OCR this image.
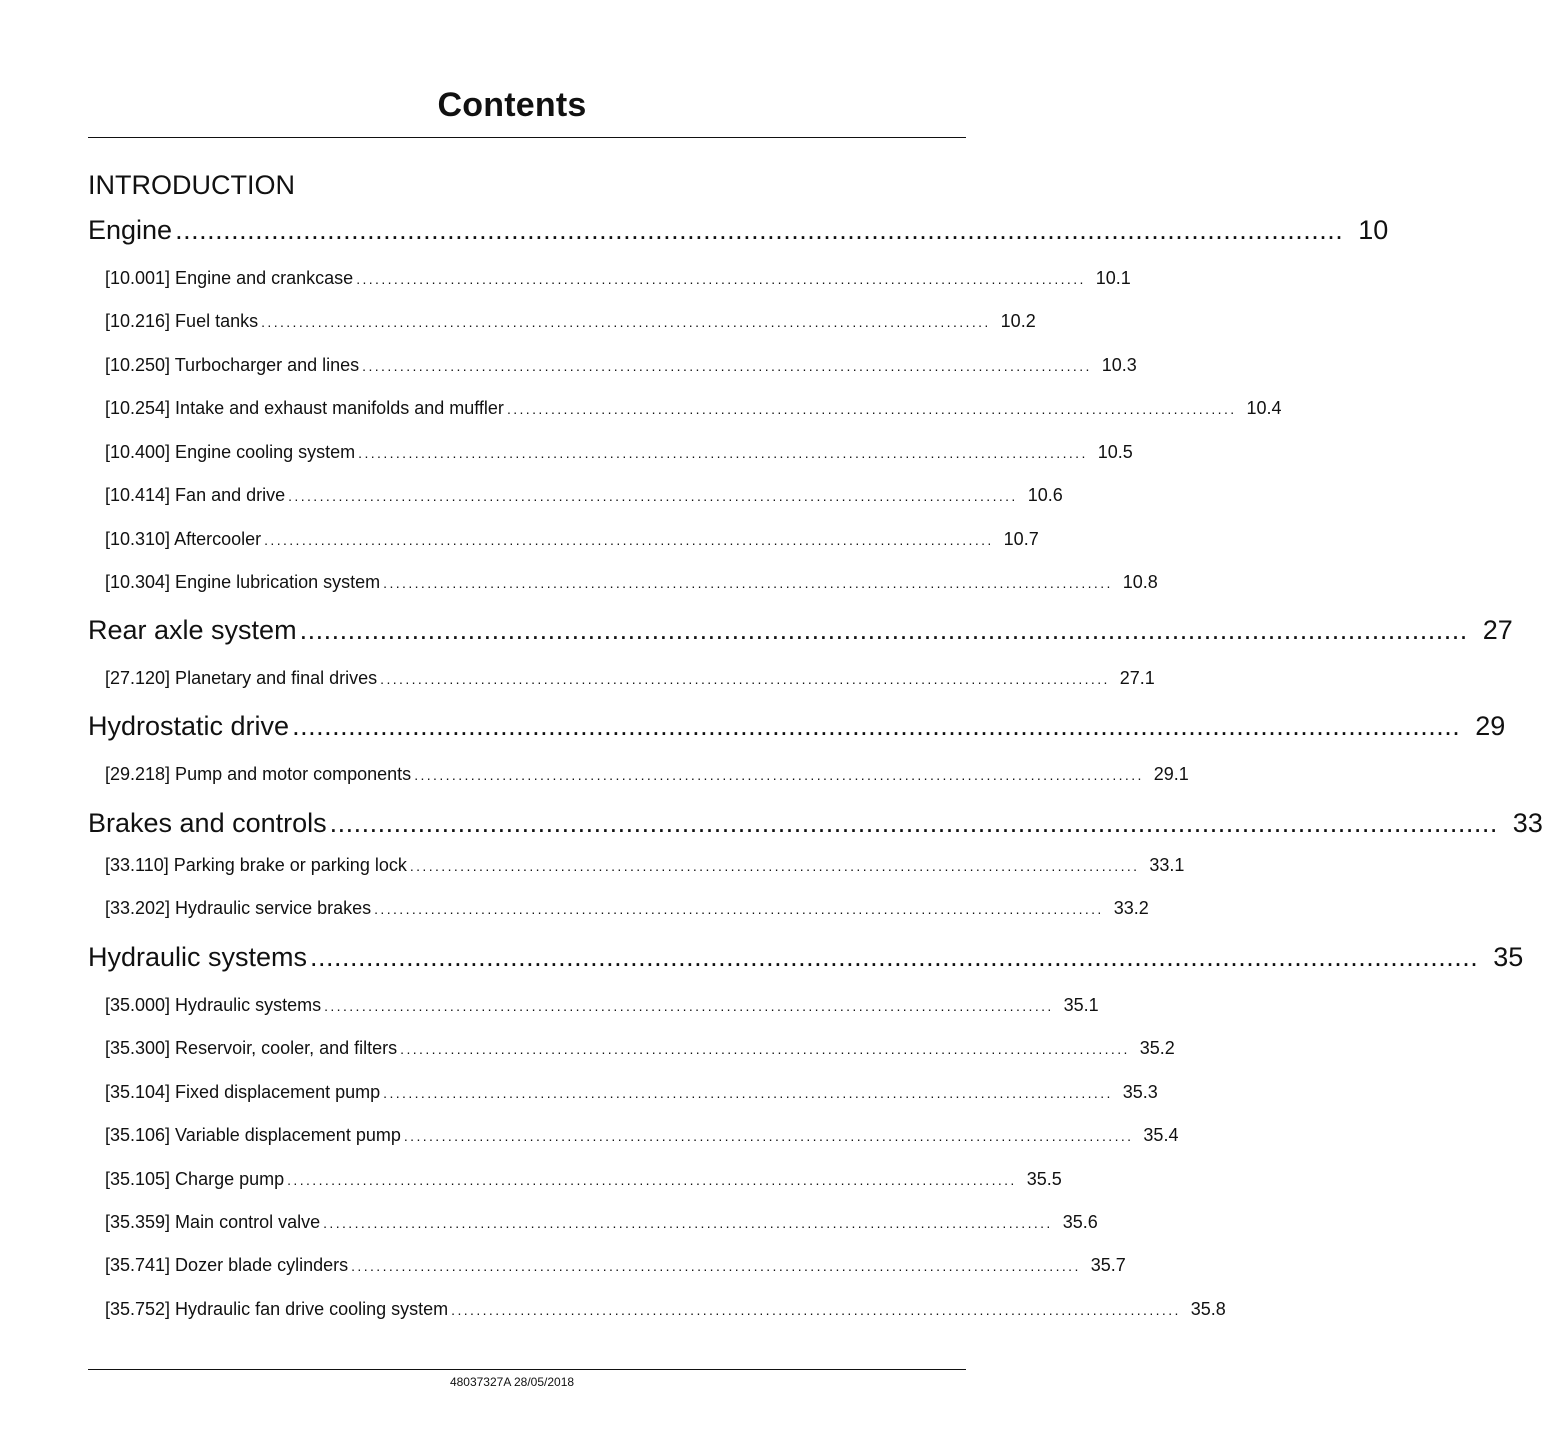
Contents
INTRODUCTION
Engine .................................................................................................................................................. 10
[10.001] Engine and crankcase .................................................................................................................... 10.1
[10.216] Fuel tanks .................................................................................................................... 10.2
[10.250] Turbocharger and lines .................................................................................................................... 10.3
[10.254] Intake and exhaust manifolds and muffler .................................................................................................................... 10.4
[10.400] Engine cooling system .................................................................................................................... 10.5
[10.414] Fan and drive .................................................................................................................... 10.6
[10.310] Aftercooler .................................................................................................................... 10.7
[10.304] Engine lubrication system .................................................................................................................... 10.8
Rear axle system .................................................................................................................................................. 27
[27.120] Planetary and final drives .................................................................................................................... 27.1
Hydrostatic drive .................................................................................................................................................. 29
[29.218] Pump and motor components .................................................................................................................... 29.1
Brakes and controls .................................................................................................................................................. 33
[33.110] Parking brake or parking lock .................................................................................................................... 33.1
[33.202] Hydraulic service brakes .................................................................................................................... 33.2
Hydraulic systems .................................................................................................................................................. 35
[35.000] Hydraulic systems .................................................................................................................... 35.1
[35.300] Reservoir, cooler, and filters .................................................................................................................... 35.2
[35.104] Fixed displacement pump .................................................................................................................... 35.3
[35.106] Variable displacement pump .................................................................................................................... 35.4
[35.105] Charge pump .................................................................................................................... 35.5
[35.359] Main control valve .................................................................................................................... 35.6
[35.741] Dozer blade cylinders .................................................................................................................... 35.7
[35.752] Hydraulic fan drive cooling system .................................................................................................................... 35.8
48037327A 28/05/2018
